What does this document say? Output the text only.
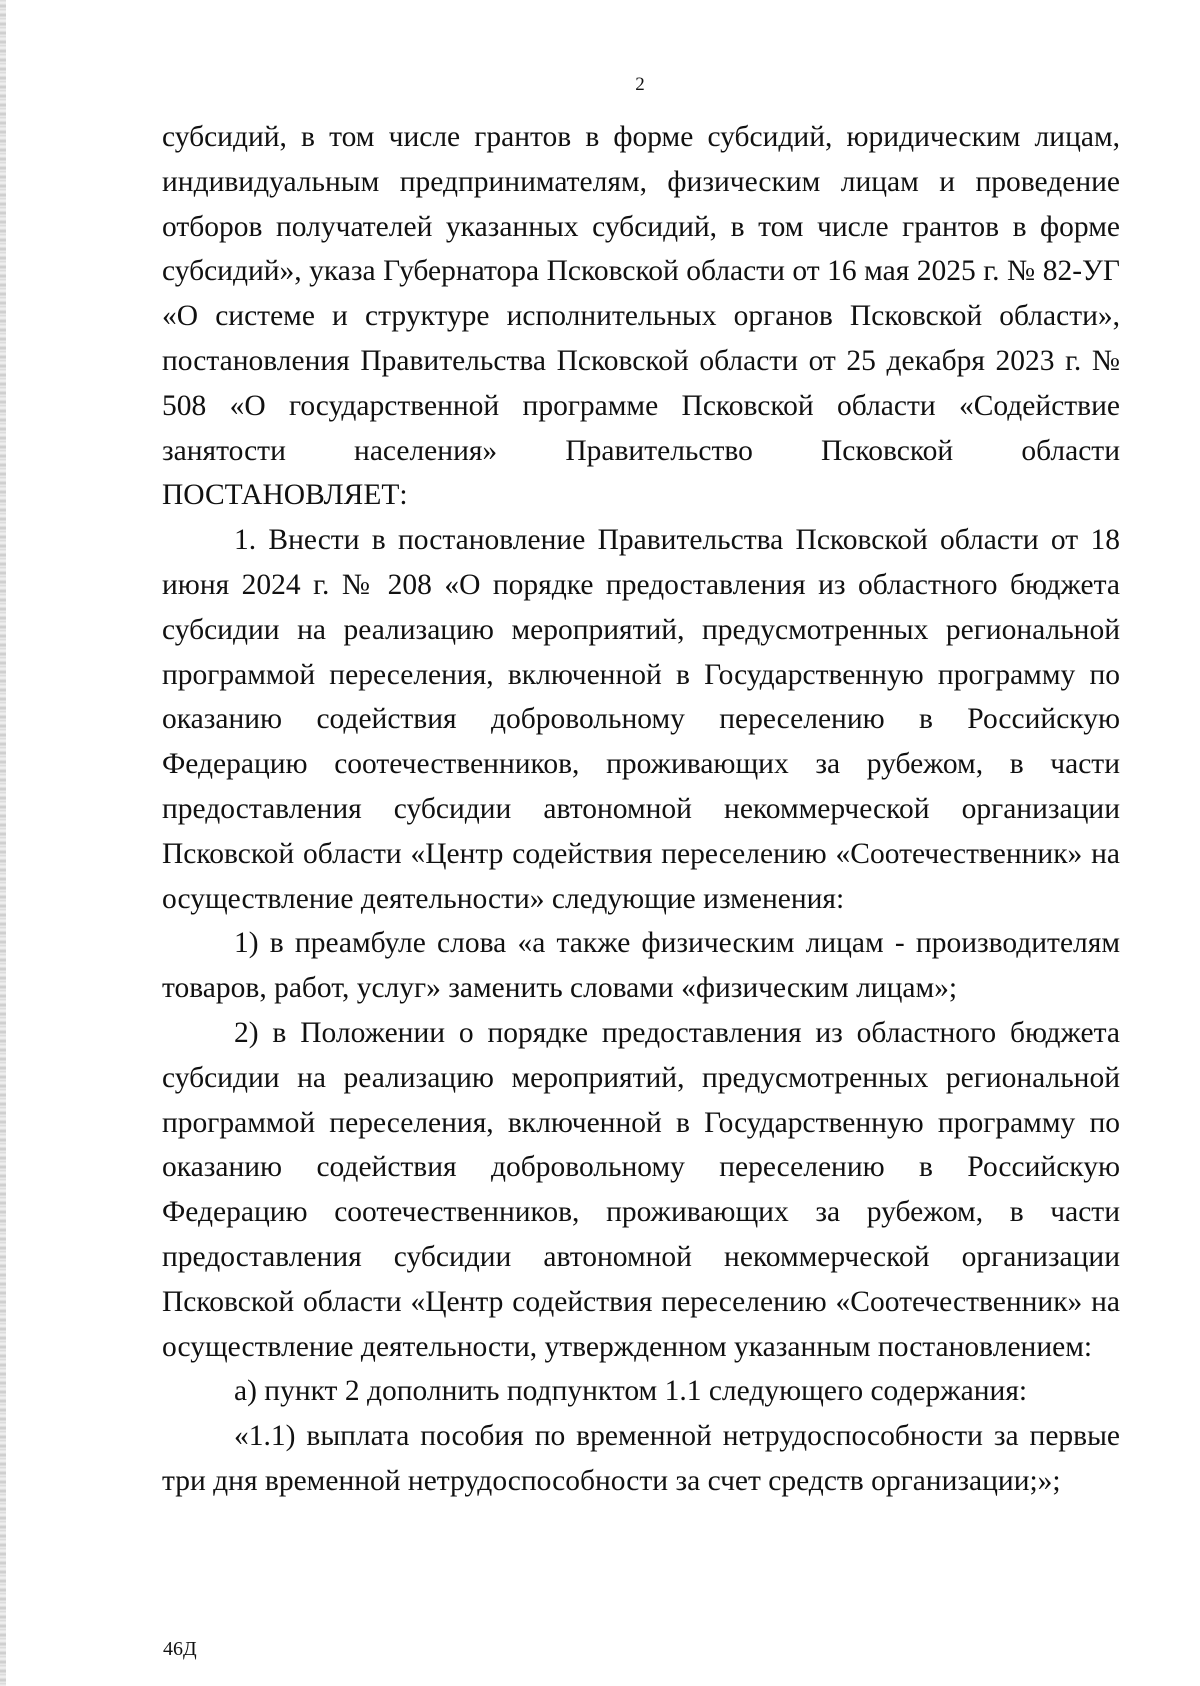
2

субсидий, в том числе грантов в форме субсидий, юридическим лицам, индивидуальным предпринимателям, физическим лицам и проведение отборов получателей указанных субсидий, в том числе грантов в форме субсидий», указа Губернатора Псковской области от 16 мая 2025 г. № 82-УГ «О системе и структуре исполнительных органов Псковской области», постановления Правительства Псковской области от 25 декабря 2023 г. № 508 «О государственной программе Псковской области «Содействие занятости населения» Правительство Псковской области ПОСТАНОВЛЯЕТ:

1. Внести в постановление Правительства Псковской области от 18 июня 2024 г. № 208 «О порядке предоставления из областного бюджета субсидии на реализацию мероприятий, предусмотренных региональной программой переселения, включенной в Государственную программу по оказанию содействия добровольному переселению в Российскую Федерацию соотечественников, проживающих за рубежом, в части предоставления субсидии автономной некоммерческой организации Псковской области «Центр содействия переселению «Соотечественник» на осуществление деятельности» следующие изменения:

1) в преамбуле слова «а также физическим лицам - производителям товаров, работ, услуг» заменить словами «физическим лицам»;

2) в Положении о порядке предоставления из областного бюджета субсидии на реализацию мероприятий, предусмотренных региональной программой переселения, включенной в Государственную программу по оказанию содействия добровольному переселению в Российскую Федерацию соотечественников, проживающих за рубежом, в части предоставления субсидии автономной некоммерческой организации Псковской области «Центр содействия переселению «Соотечественник» на осуществление деятельности, утвержденном указанным постановлением:

а) пункт 2 дополнить подпунктом 1.1 следующего содержания:

«1.1) выплата пособия по временной нетрудоспособности за первые три дня временной нетрудоспособности за счет средств организации;»;

46Д
